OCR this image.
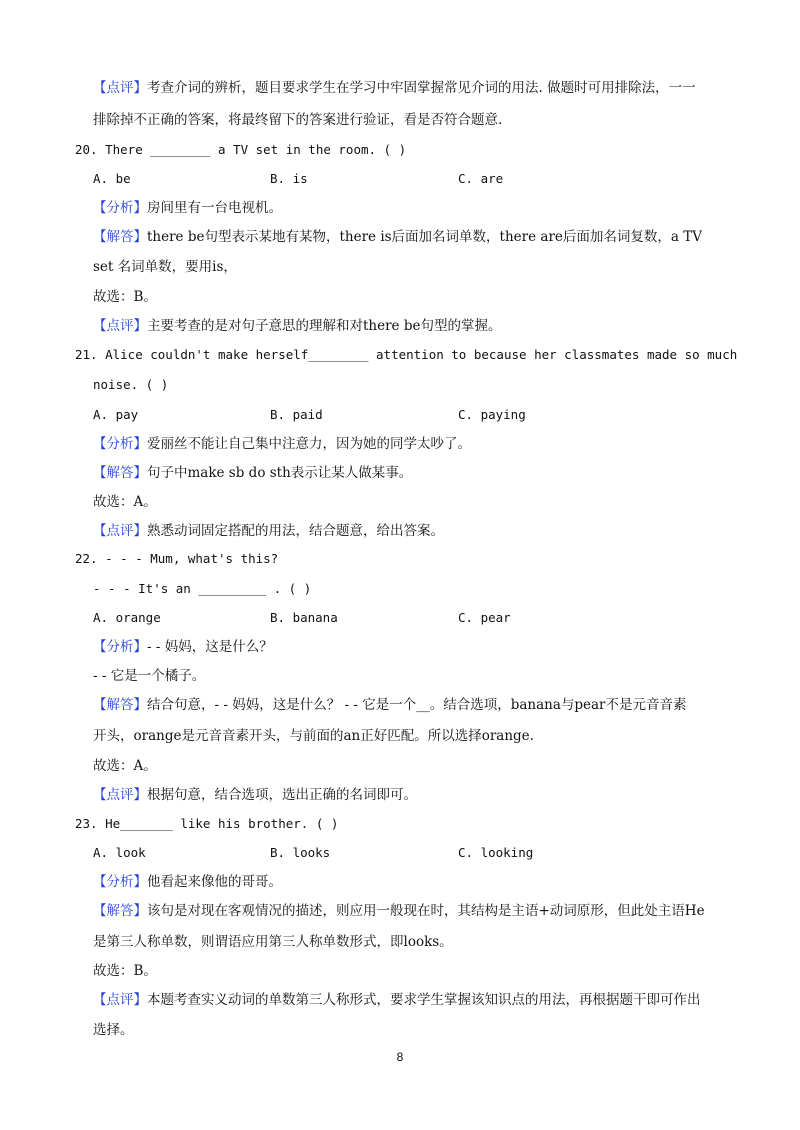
【点评】考查介词的辨析，题目要求学生在学习中牢固掌握常见介词的用法. 做题时可用排除法，一一
排除掉不正确的答案，将最终留下的答案进行验证，看是否符合题意.
20. There ________ a TV set in the room. ( )
A. be	B. is	C. are
【分析】房间里有一台电视机。
【解答】there be句型表示某地有某物，there is后面加名词单数，there are后面加名词复数，a TV
set 名词单数，要用is，
故选：B。
【点评】主要考查的是对句子意思的理解和对there be句型的掌握。
21. Alice couldn't make herself________ attention to because her classmates made so much
noise. ( )
A. pay	B. paid	C. paying
【分析】爱丽丝不能让自己集中注意力，因为她的同学太吵了。
【解答】句子中make sb do sth表示让某人做某事。
故选：A。
【点评】熟悉动词固定搭配的用法，结合题意，给出答案。
22. - - - Mum, what's this?
- - - It's an _________ . ( )
A. orange	B. banana	C. pear
【分析】- - 妈妈，这是什么？
- - 它是一个橘子。
【解答】结合句意，- - 妈妈，这是什么？ - - 它是一个__。结合选项，banana与pear不是元音音素
开头，orange是元音音素开头，与前面的an正好匹配。所以选择orange.
故选：A。
【点评】根据句意，结合选项，选出正确的名词即可。
23. He_______ like his brother. ( )
A. look	B. looks	C. looking
【分析】他看起来像他的哥哥。
【解答】该句是对现在客观情况的描述，则应用一般现在时，其结构是主语+动词原形，但此处主语He
是第三人称单数，则谓语应用第三人称单数形式，即looks。
故选：B。
【点评】本题考查实义动词的单数第三人称形式，要求学生掌握该知识点的用法，再根据题干即可作出
选择。
8
